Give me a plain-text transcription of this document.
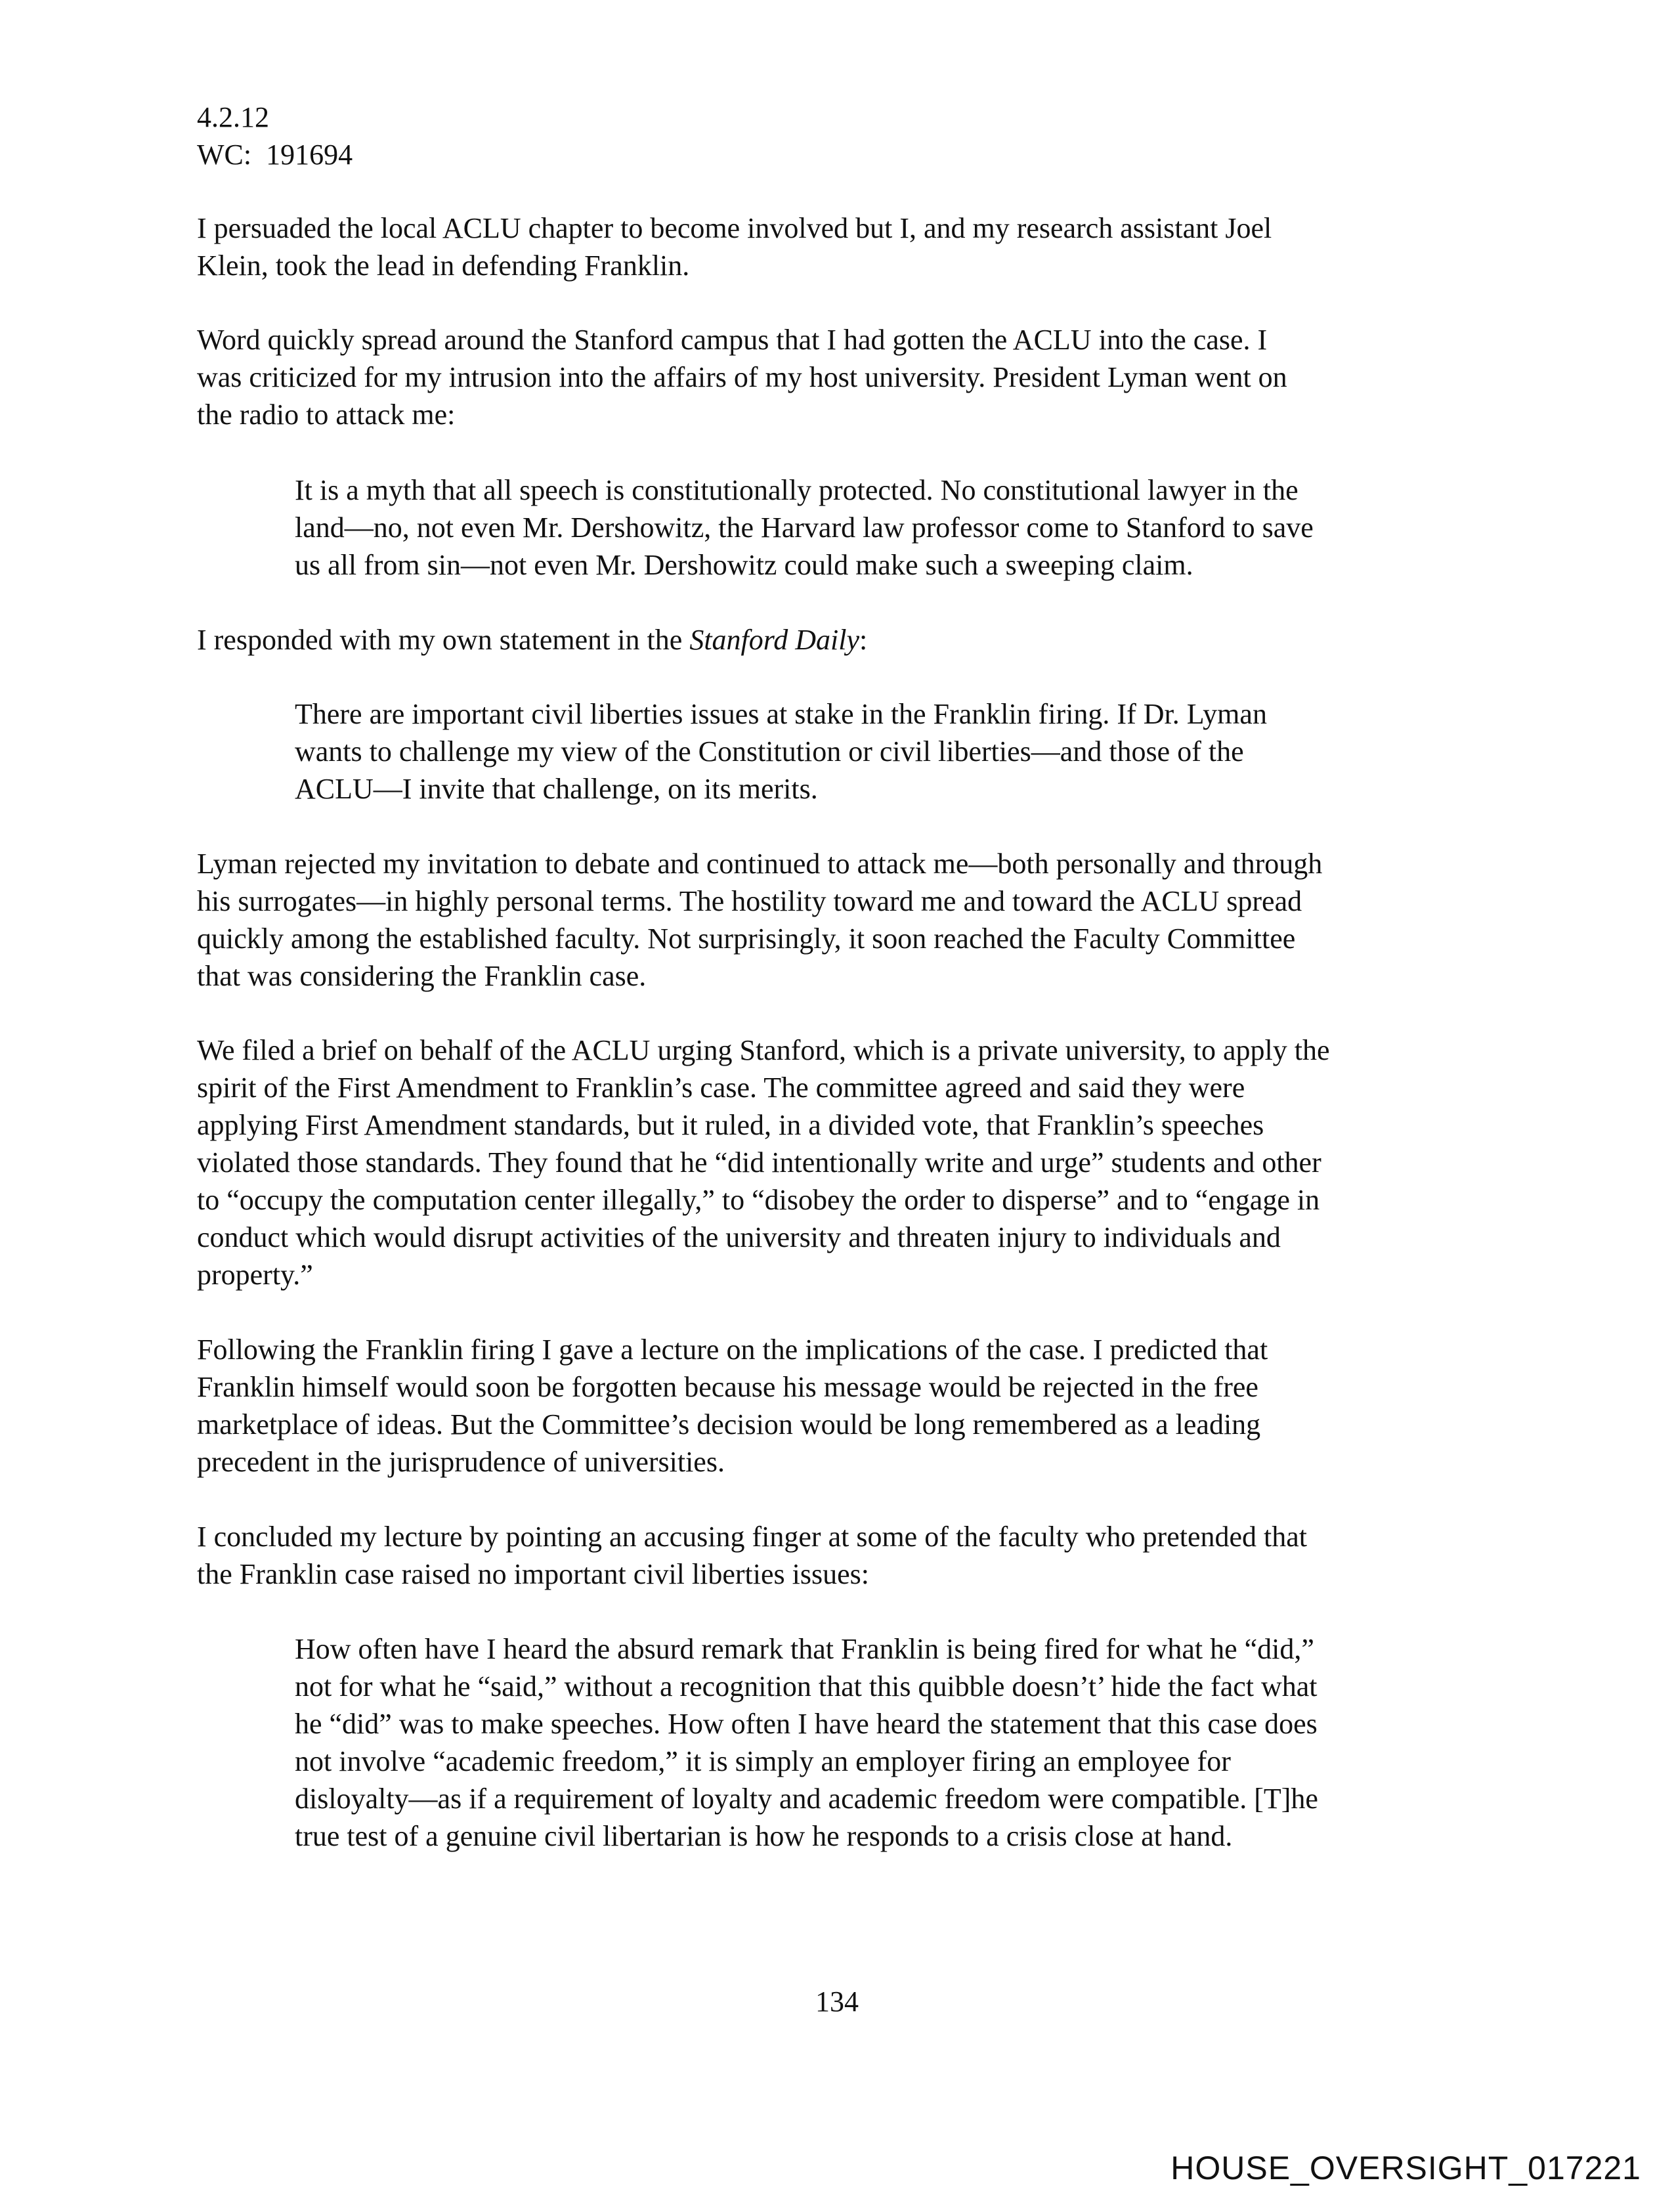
4.2.12
WC:  191694
I persuaded the local ACLU chapter to become involved but I, and my research assistant Joel
Klein, took the lead in defending Franklin.
Word quickly spread around the Stanford campus that I had gotten the ACLU into the case. I
was criticized for my intrusion into the affairs of my host university. President Lyman went on
the radio to attack me:
It is a myth that all speech is constitutionally protected. No constitutional lawyer in the
land—no, not even Mr. Dershowitz, the Harvard law professor come to Stanford to save
us all from sin—not even Mr. Dershowitz could make such a sweeping claim.
I responded with my own statement in the Stanford Daily:
There are important civil liberties issues at stake in the Franklin firing. If Dr. Lyman
wants to challenge my view of the Constitution or civil liberties—and those of the
ACLU—I invite that challenge, on its merits.
Lyman rejected my invitation to debate and continued to attack me—both personally and through
his surrogates—in highly personal terms. The hostility toward me and toward the ACLU spread
quickly among the established faculty. Not surprisingly, it soon reached the Faculty Committee
that was considering the Franklin case.
We filed a brief on behalf of the ACLU urging Stanford, which is a private university, to apply the
spirit of the First Amendment to Franklin’s case. The committee agreed and said they were
applying First Amendment standards, but it ruled, in a divided vote, that Franklin’s speeches
violated those standards. They found that he “did intentionally write and urge” students and other
to “occupy the computation center illegally,” to “disobey the order to disperse” and to “engage in
conduct which would disrupt activities of the university and threaten injury to individuals and
property.”
Following the Franklin firing I gave a lecture on the implications of the case. I predicted that
Franklin himself would soon be forgotten because his message would be rejected in the free
marketplace of ideas. But the Committee’s decision would be long remembered as a leading
precedent in the jurisprudence of universities.
I concluded my lecture by pointing an accusing finger at some of the faculty who pretended that
the Franklin case raised no important civil liberties issues:
How often have I heard the absurd remark that Franklin is being fired for what he “did,”
not for what he “said,” without a recognition that this quibble doesn’t’ hide the fact what
he “did” was to make speeches. How often I have heard the statement that this case does
not involve “academic freedom,” it is simply an employer firing an employee for
disloyalty—as if a requirement of loyalty and academic freedom were compatible. [T]he
true test of a genuine civil libertarian is how he responds to a crisis close at hand.
134
HOUSE_OVERSIGHT_017221
